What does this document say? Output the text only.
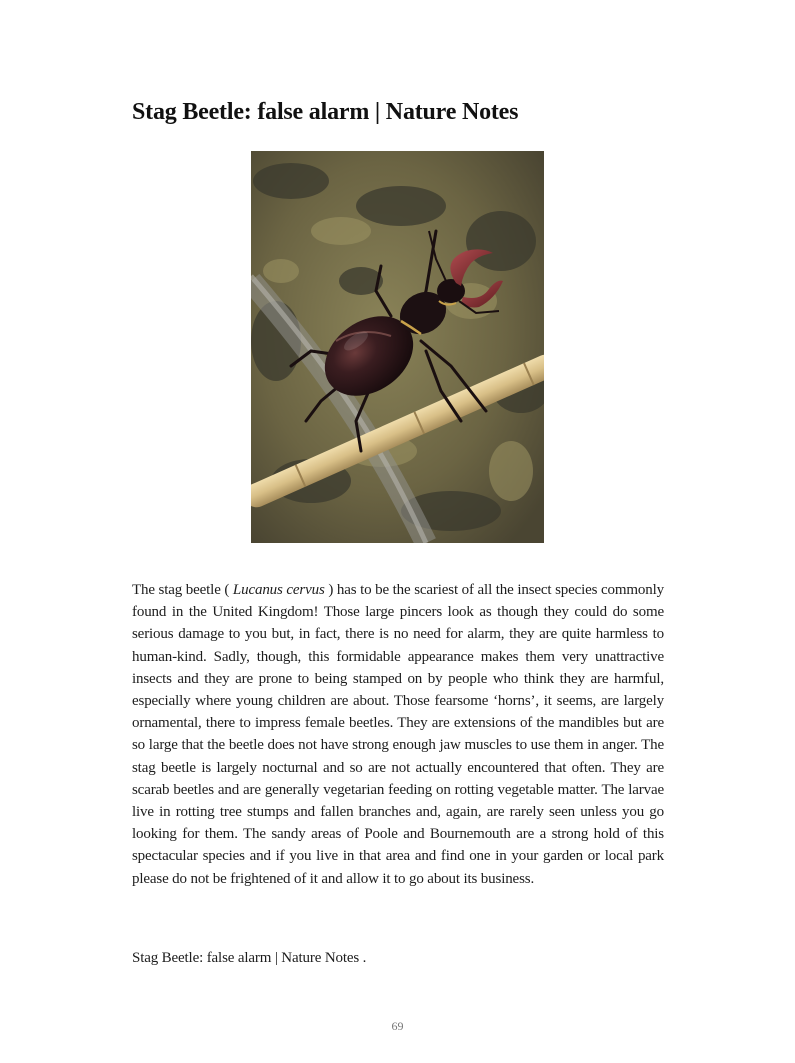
Stag Beetle: false alarm | Nature Notes

The stag beetle ( Lucanus cervus ) has to be the scariest of all the insect species commonly found in the United Kingdom! Those large pincers look as though they could do some serious damage to you but, in fact, there is no need for alarm, they are quite harmless to human-kind. Sadly, though, this formidable appearance makes them very unattractive insects and they are prone to being stamped on by people who think they are harmful, especially where young children are about. Those fearsome ‘horns’, it seems, are largely ornamental, there to impress female beetles. They are extensions of the mandibles but are so large that the beetle does not have strong enough jaw muscles to use them in anger. The stag beetle is largely nocturnal and so are not actually encountered that often. They are scarab beetles and are generally vegetarian feeding on rotting vegetable matter. The larvae live in rotting tree stumps and fallen branches and, again, are rarely seen unless you go looking for them. The sandy areas of Poole and Bournemouth are a strong hold of this spectacular species and if you live in that area and find one in your garden or local park please do not be frightened of it and allow it to go about its business.

Stag Beetle: false alarm | Nature Notes .

69
